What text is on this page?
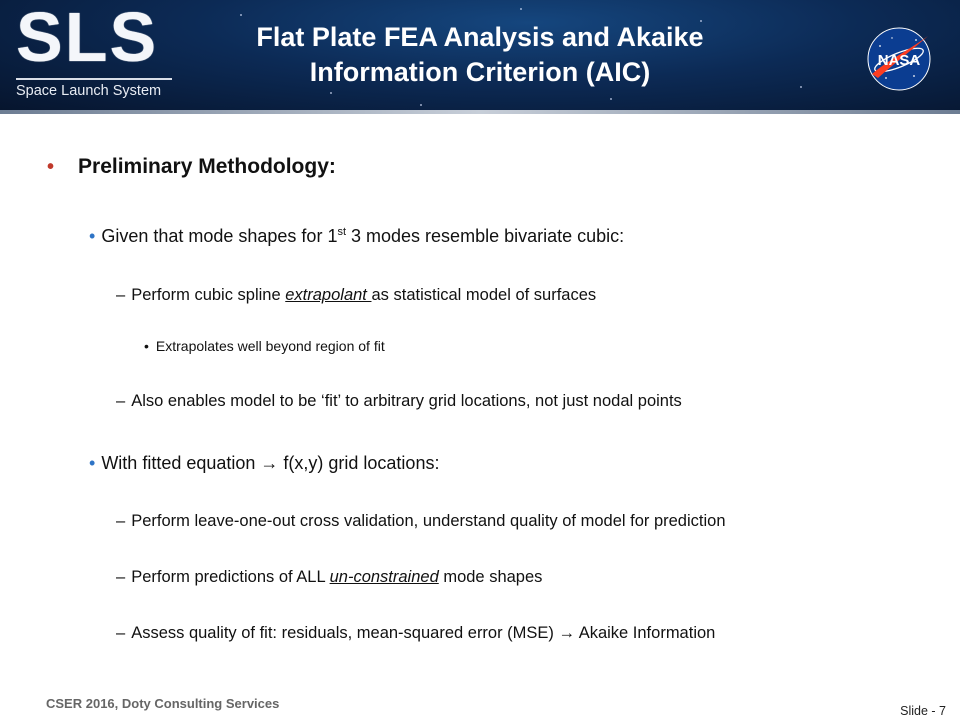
SLS
Space Launch System
Flat Plate FEA Analysis and Akaike
Information Criterion (AIC)	NASA
• Preliminary Methodology:
• Given that mode shapes for 1st 3 modes resemble bivariate cubic:
– Perform cubic spline extrapolant as statistical model of surfaces
• Extrapolates well beyond region of fit
– Also enables model to be ‘fit’ to arbitrary grid locations, not just nodal points
• With fitted equation → f(x,y) grid locations:
– Perform leave-one-out cross validation, understand quality of model for prediction
– Perform predictions of ALL un-constrained mode shapes
– Assess quality of fit: residuals, mean-squared error (MSE) → Akaike Information
CSER 2016, Doty Consulting Services	Slide - 7
